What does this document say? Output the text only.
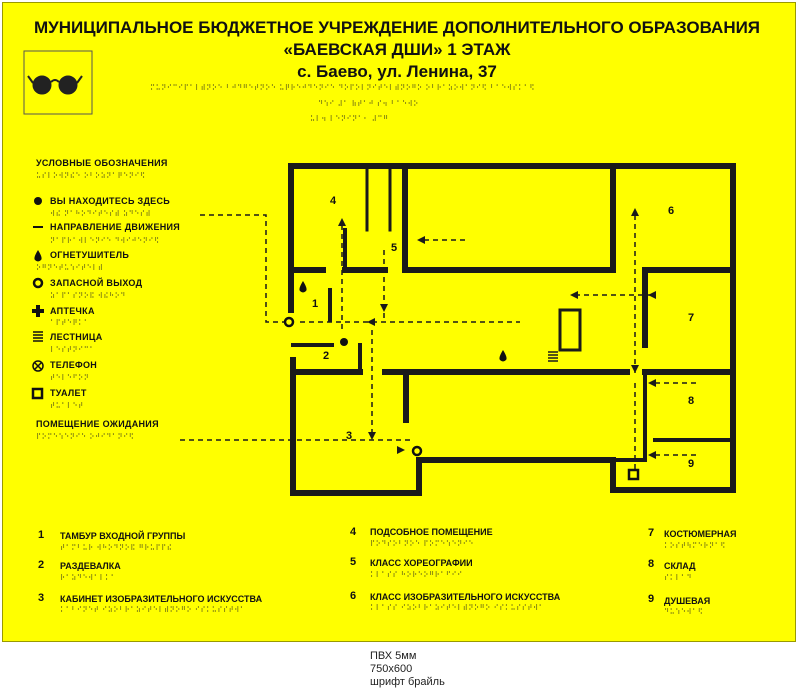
МУНИЦИПАЛЬНОЕ БЮДЖЕТНОЕ УЧРЕЖДЕНИЕ ДОПОЛНИТЕЛЬНОГО ОБРАЗОВАНИЯ
«БАЕВСКАЯ ДШИ» 1 ЭТАЖ
с. Баево, ул. Ленина, 37
⠍⠥⠝⠊⠉⠊⠏⠁⠇⠾⠝⠕⠑ ⠃⠚⠙⠛⠑⠞⠝⠕⠑ ⠥⠟⠗⠑⠚⠙⠑⠝⠊⠑ ⠙⠕⠏⠕⠇⠝⠊⠞⠑⠇⠾⠝⠕⠛⠕ ⠕⠃⠗⠁⠵⠕⠺⠁⠝⠊⠫ ⠃⠁⠑⠺⠎⠅⠁⠫
⠙⠱⠊ ⠼⠁ ⠷⠞⠁⠚ ⠎⠲ ⠃⠁⠑⠺⠕
⠥⠇⠲ ⠇⠑⠝⠊⠝⠁⠂ ⠼⠉⠛
УСЛОВНЫЕ ОБОЗНАЧЕНИЯ
⠥⠎⠇⠕⠺⠝⠮⠑ ⠕⠃⠕⠵⠝⠁⠟⠑⠝⠊⠫
ВЫ НАХОДИТЕСЬ ЗДЕСЬ
⠺⠮ ⠝⠁⠓⠕⠙⠊⠞⠑⠎⠾ ⠵⠙⠑⠎⠾
НАПРАВЛЕНИЕ ДВИЖЕНИЯ
⠝⠁⠏⠗⠁⠺⠇⠑⠝⠊⠑ ⠙⠺⠊⠚⠑⠝⠊⠫
ОГНЕТУШИТЕЛЬ
⠕⠛⠝⠑⠞⠥⠱⠊⠞⠑⠇⠾
ЗАПАСНОЙ ВЫХОД
⠵⠁⠏⠁⠎⠝⠕⠯ ⠺⠮⠓⠕⠙
АПТЕЧКА
⠁⠏⠞⠑⠟⠅⠁
ЛЕСТНИЦА
⠇⠑⠎⠞⠝⠊⠉⠁
ТЕЛЕФОН
⠞⠑⠇⠑⠋⠕⠝
ТУАЛЕТ
⠞⠥⠁⠇⠑⠞
ПОМЕЩЕНИЕ ОЖИДАНИЯ
⠏⠕⠍⠑⠱⠑⠝⠊⠑ ⠕⠚⠊⠙⠁⠝⠊⠫
4
5
6
1
2
7
8
3
9
1 ТАМБУР ВХОДНОЙ ГРУППЫ
⠞⠁⠍⠃⠥⠗ ⠺⠓⠕⠙⠝⠕⠯ ⠛⠗⠥⠏⠏⠮
2 РАЗДЕВАЛКА
⠗⠁⠵⠙⠑⠺⠁⠇⠅⠁
3 КАБИНЕТ ИЗОБРАЗИТЕЛЬНОГО ИСКУССТВА
⠅⠁⠃⠊⠝⠑⠞ ⠊⠵⠕⠃⠗⠁⠵⠊⠞⠑⠇⠾⠝⠕⠛⠕ ⠊⠎⠅⠥⠎⠎⠞⠺⠁
4 ПОДСОБНОЕ ПОМЕЩЕНИЕ
⠏⠕⠙⠎⠕⠃⠝⠕⠑ ⠏⠕⠍⠑⠱⠑⠝⠊⠑
5 КЛАСС ХОРЕОГРАФИИ
⠅⠇⠁⠎⠎ ⠓⠕⠗⠑⠕⠛⠗⠁⠋⠊⠊
6 КЛАСС ИЗОБРАЗИТЕЛЬНОГО ИСКУССТВА
⠅⠇⠁⠎⠎ ⠊⠵⠕⠃⠗⠁⠵⠊⠞⠑⠇⠾⠝⠕⠛⠕ ⠊⠎⠅⠥⠎⠎⠞⠺⠁
7 КОСТЮМЕРНАЯ
⠅⠕⠎⠞⠳⠍⠑⠗⠝⠁⠫
8 СКЛАД
⠎⠅⠇⠁⠙
9 ДУШЕВАЯ
⠙⠥⠱⠑⠺⠁⠫
ПВХ 5мм
750х600
шрифт брайль
